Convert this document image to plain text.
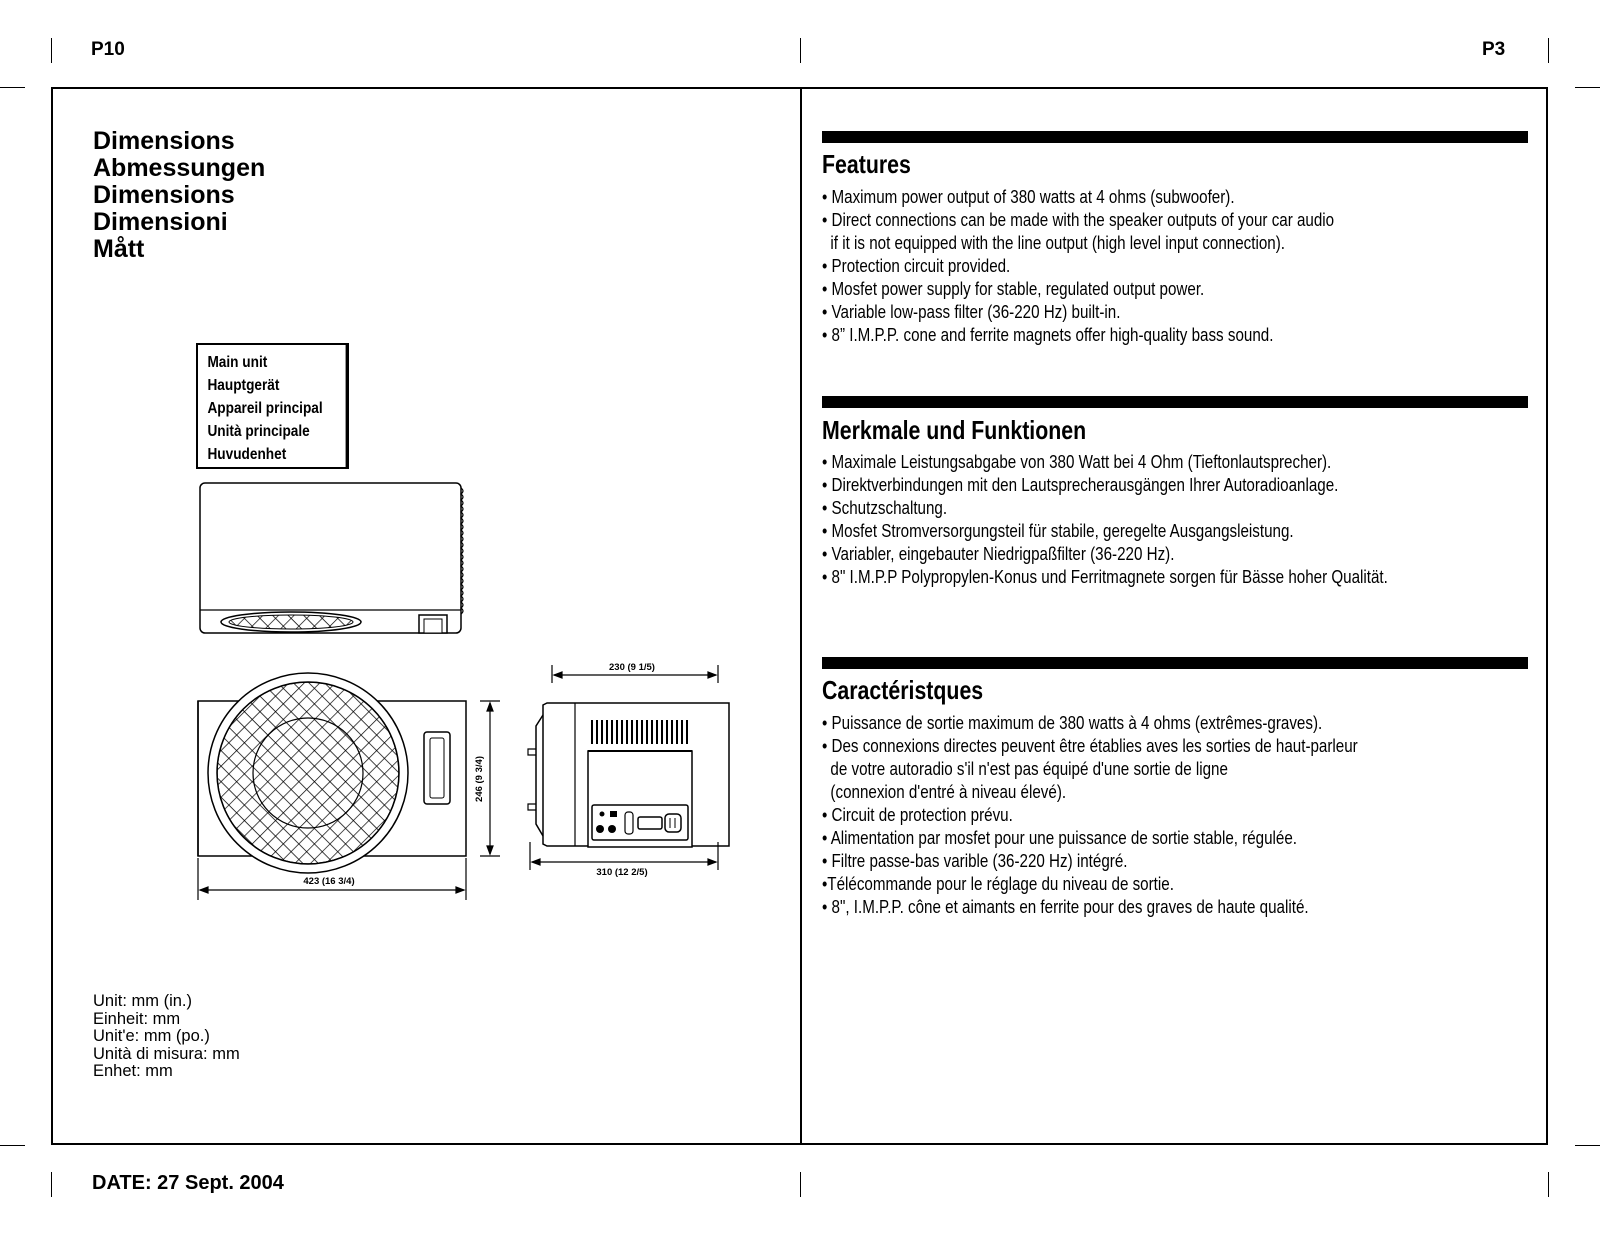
P10	P3
Dimensions
Abmessungen
Dimensions
Dimensioni
Mått
Main unit
Hauptgerät
Appareil principal
Unità principale
Huvudenhet
230 (9 1/5)
246 (9 3/4)
310 (12 2/5)
423 (16 3/4)
Unit: mm (in.)
Einheit: mm
Unit'e: mm (po.)
Unità di misura: mm
Enhet: mm
DATE: 27 Sept. 2004
Features
• Maximum power output of 380 watts at 4 ohms (subwoofer).
• Direct connections can be made with the speaker outputs of your car audio
if it is not equipped with the line output (high level input connection).
• Protection circuit provided.
• Mosfet power supply for stable, regulated output power.
• Variable low-pass filter (36-220 Hz) built-in.
• 8” I.M.P.P. cone and ferrite magnets offer high-quality bass sound.
Merkmale und Funktionen
• Maximale Leistungsabgabe von 380 Watt bei 4 Ohm (Tieftonlautsprecher).
• Direktverbindungen mit den Lautsprecherausgängen Ihrer Autoradioanlage.
• Schutzschaltung.
• Mosfet Stromversorgungsteil für stabile, geregelte Ausgangsleistung.
• Variabler, eingebauter Niedrigpaßfilter (36-220 Hz).
• 8" I.M.P.P Polypropylen-Konus und Ferritmagnete sorgen für Bässe hoher Qualität.
Caractéristques
• Puissance de sortie maximum de 380 watts à 4 ohms (extrêmes-graves).
• Des connexions directes peuvent être établies aves les sorties de haut-parleur
de votre autoradio s'il n'est pas équipé d'une sortie de ligne
(connexion d'entré à niveau élevé).
• Circuit de protection prévu.
• Alimentation par mosfet pour une puissance de sortie stable, régulée.
• Filtre passe-bas varible (36-220 Hz) intégré.
•Télécommande pour le réglage du niveau de sortie.
• 8", I.M.P.P. cône et aimants en ferrite pour des graves de haute qualité.
